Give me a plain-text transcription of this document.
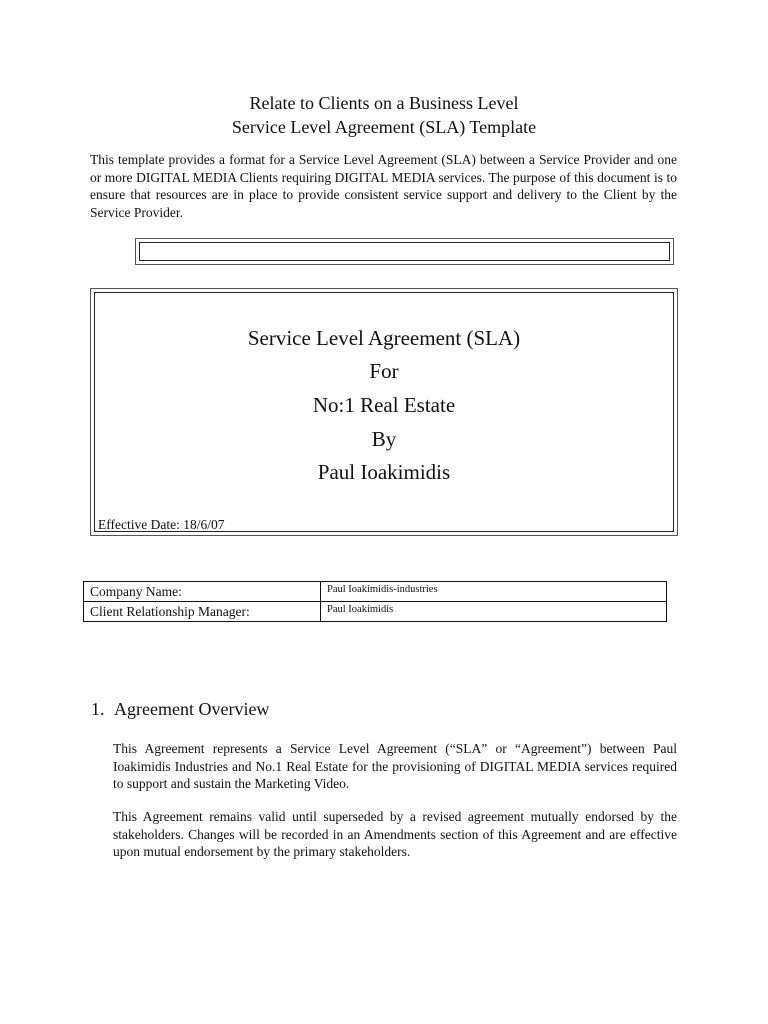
Relate to Clients on a Business Level
Service Level Agreement (SLA) Template

This template provides a format for a Service Level Agreement (SLA) between a Service Provider and one or more DIGITAL MEDIA Clients requiring DIGITAL MEDIA services. The purpose of this document is to ensure that resources are in place to provide consistent service support and delivery to the Client by the Service Provider.

Service Level Agreement (SLA)
For
No:1 Real Estate
By
Paul Ioakimidis
Effective Date: 18/6/07
Company Name:	Paul Ioakimidis-industries
Client Relationship Manager:	Paul Ioakimidis
1. Agreement Overview

This Agreement represents a Service Level Agreement (“SLA” or “Agreement”) between Paul Ioakimidis Industries and No.1 Real Estate for the provisioning of DIGITAL MEDIA services required to support and sustain the Marketing Video.

This Agreement remains valid until superseded by a revised agreement mutually endorsed by the stakeholders. Changes will be recorded in an Amendments section of this Agreement and are effective upon mutual endorsement by the primary stakeholders.
